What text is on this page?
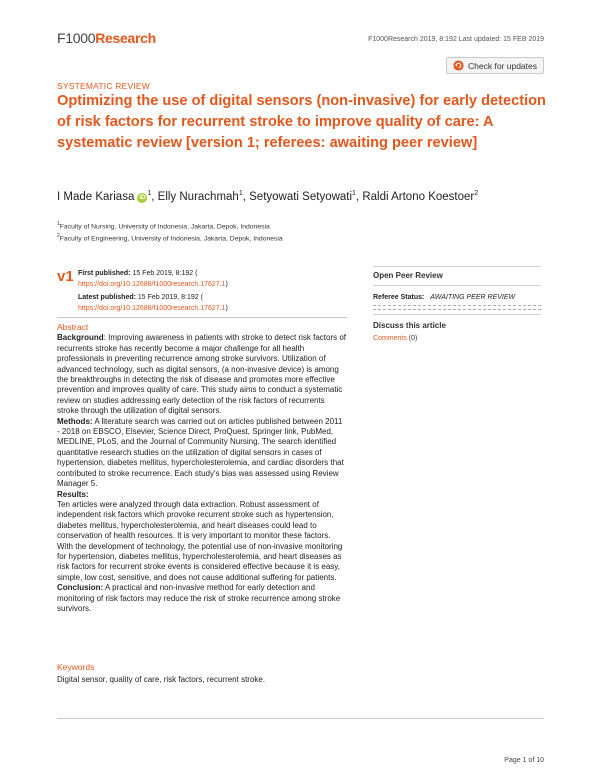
F1000Research	F1000Research 2019, 8:192 Last updated: 15 FEB 2019
Check for updates
SYSTEMATIC REVIEW
Optimizing the use of digital sensors (non-invasive) for early detection of risk factors for recurrent stroke to improve quality of care: A systematic review [version 1; referees: awaiting peer review]
I Made Kariasa $iD^1$, Elly Nurachmah$^1$, Setyowati Setyowati$^1$, Raldi Artono Koestoer$^2$
$^1$Faculty of Nursing, University of Indonesia, Jakarta, Depok, Indonesia
$^2$Faculty of Engineering, University of Indonesia, Jakarta, Depok, Indonesia
v1 First published: 15 Feb 2019, 8:192 (
https://doi.org/10.12688/f1000research.17627.1)
Latest published: 15 Feb 2019, 8:192 (
https://doi.org/10.12688/f1000research.17627.1)
Open Peer Review
Referee Status: AWAITING PEER REVIEW
Discuss this article
Comments (0)
Abstract

Background: Improving awareness in patients with stroke to detect risk factors of recurrents stroke has recently become a major challenge for all health professionals in preventing recurrence among stroke survivors. Utilization of advanced technology, such as digital sensors, (a non-invasive device) is among the breakthroughs in detecting the risk of disease and promotes more effective prevention and improves quality of care. This study aims to conduct a systematic review on studies addressing early detection of the risk factors of recurrents stroke through the utilization of digital sensors.

Methods: A literature search was carried out on articles published between 2011 - 2018 on EBSCO, Elsevier, Science Direct, ProQuest, Springer link, PubMed, MEDLINE, PLoS, and the Journal of Community Nursing. The search identified quantitative research studies on the utilization of digital sensors in cases of hypertension, diabetes mellitus, hypercholesterolemia, and cardiac disorders that contributed to stroke recurrence. Each study's bias was assessed using Review Manager 5.

Results:

Ten articles were analyzed through data extraction. Robust assessment of independent risk factors which provoke recurrent stroke such as hypertension, diabetes mellitus, hypercholesterolemia, and heart diseases could lead to conservation of health resources. It is very important to monitor these factors. With the development of technology, the potential use of non-invasive monitoring for hypertension, diabetes mellitus, hypercholesterolemia, and heart diseases as risk factors for recurrent stroke events is considered effective because it is easy, simple, low cost, sensitive, and does not cause additional suffering for patients.

Conclusion: A practical and non-invasive method for early detection and monitoring of risk factors may reduce the risk of stroke recurrence among stroke survivors.

Keywords
Digital sensor, quality of care, risk factors, recurrent stroke.
Page 1 of 10
